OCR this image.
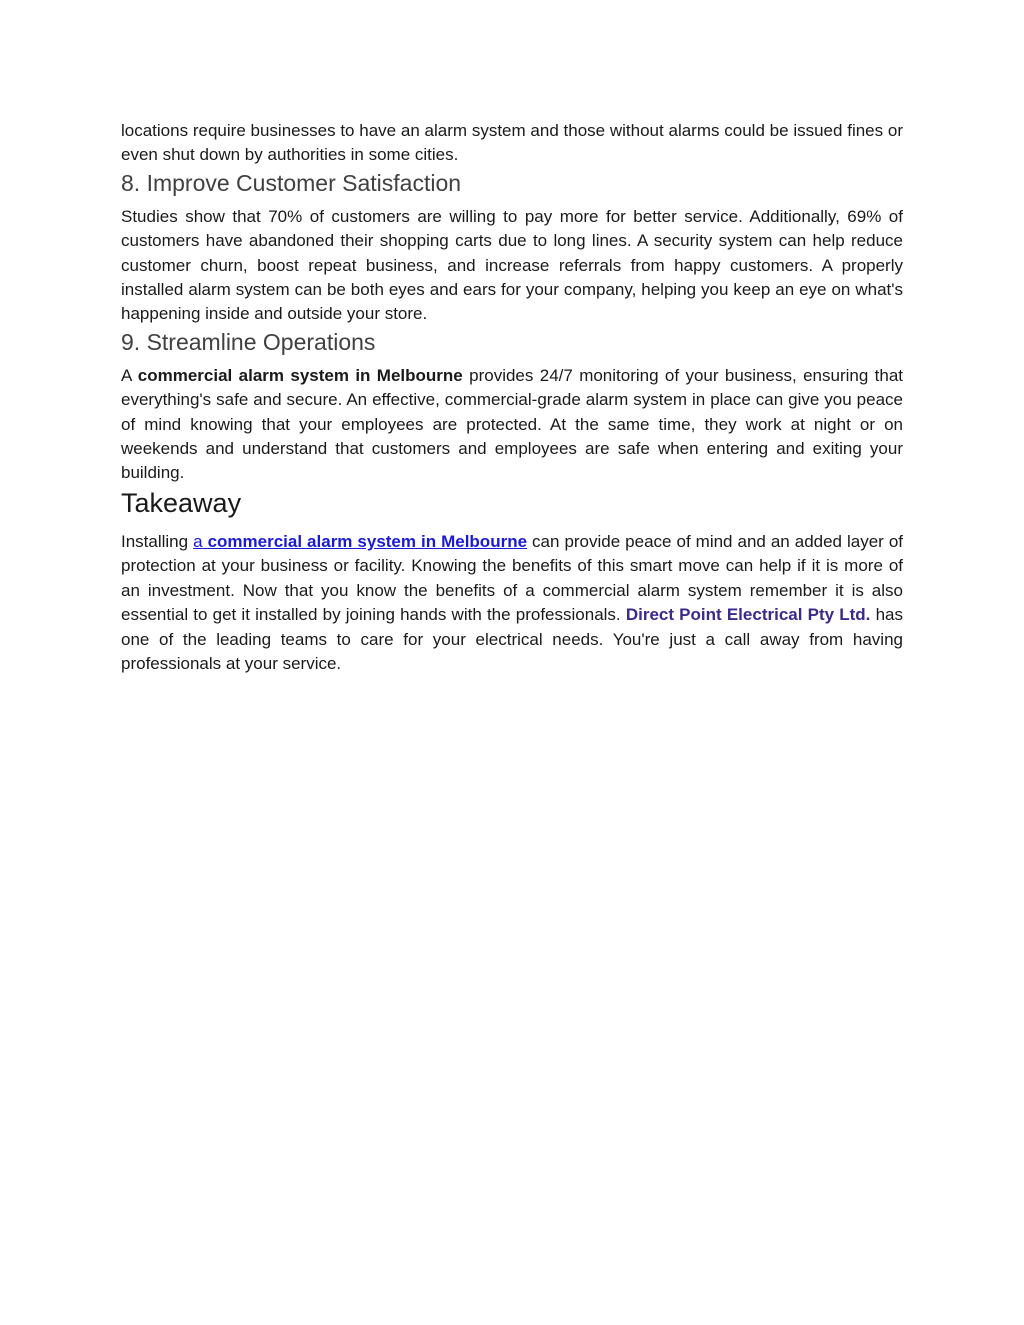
locations require businesses to have an alarm system and those without alarms could be issued fines or even shut down by authorities in some cities.

8. Improve Customer Satisfaction

Studies show that 70% of customers are willing to pay more for better service. Additionally, 69% of customers have abandoned their shopping carts due to long lines. A security system can help reduce customer churn, boost repeat business, and increase referrals from happy customers. A properly installed alarm system can be both eyes and ears for your company, helping you keep an eye on what's happening inside and outside your store.

9. Streamline Operations

A commercial alarm system in Melbourne provides 24/7 monitoring of your business, ensuring that everything's safe and secure. An effective, commercial-grade alarm system in place can give you peace of mind knowing that your employees are protected. At the same time, they work at night or on weekends and understand that customers and employees are safe when entering and exiting your building.

Takeaway

Installing a commercial alarm system in Melbourne can provide peace of mind and an added layer of protection at your business or facility. Knowing the benefits of this smart move can help if it is more of an investment. Now that you know the benefits of a commercial alarm system remember it is also essential to get it installed by joining hands with the professionals. Direct Point Electrical Pty Ltd. has one of the leading teams to care for your electrical needs. You're just a call away from having professionals at your service.
